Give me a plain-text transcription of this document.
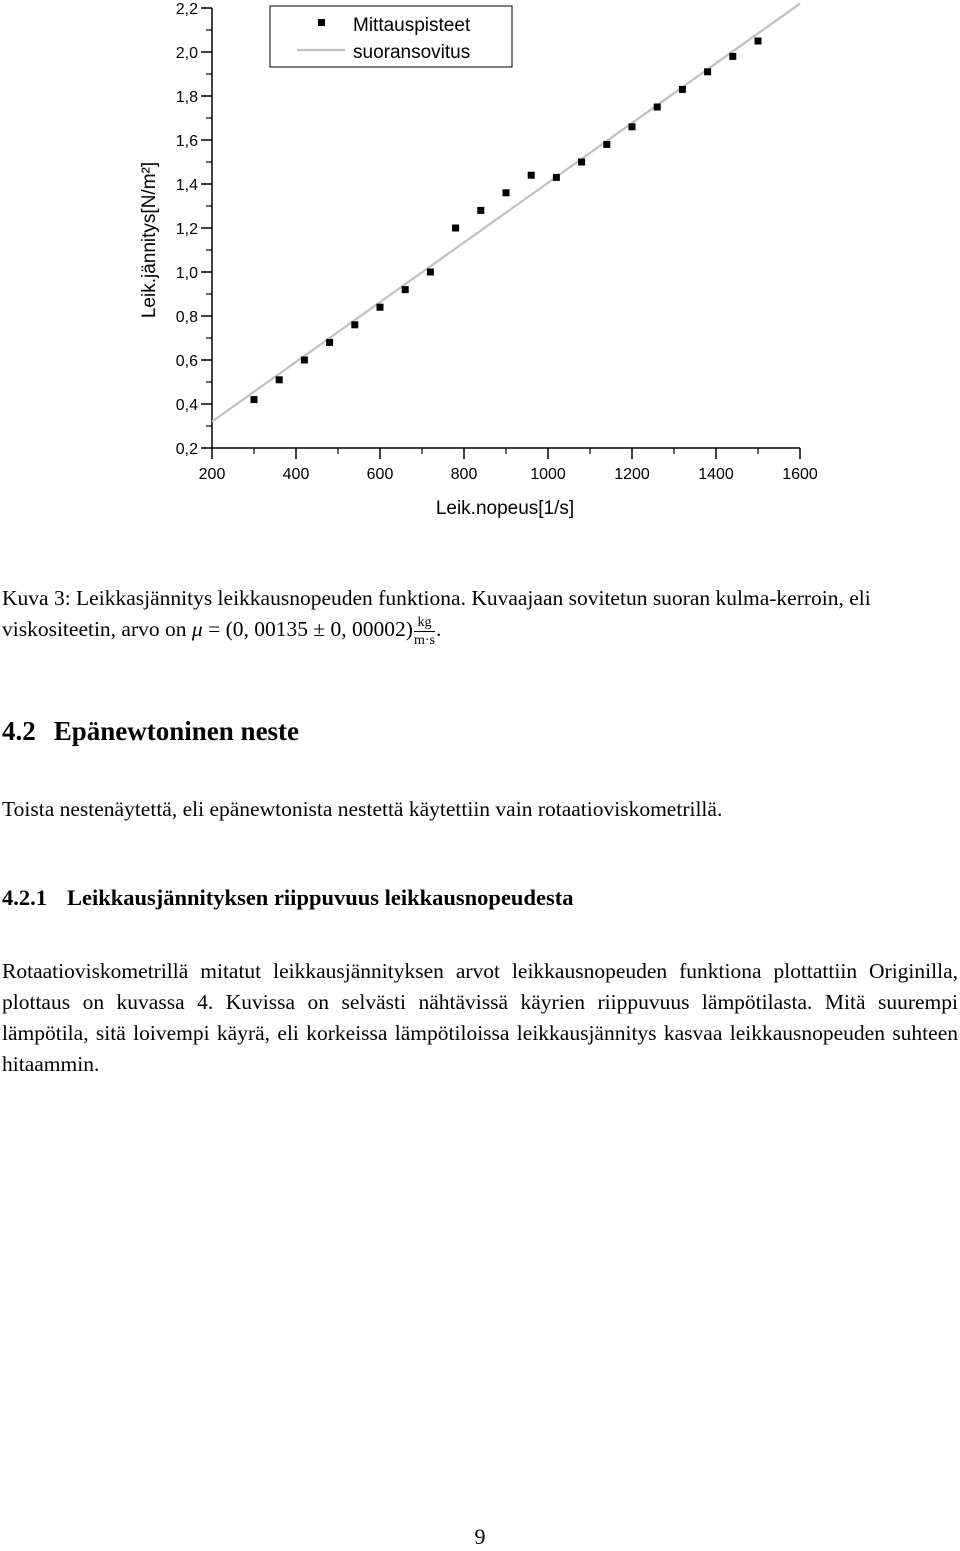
200	400	600	800	1000	1200	1400	1600
0,2
0,4
0,6
0,8
1,0
1,2
1,4
1,6
1,8
2,0
2,2
Mittauspisteet
suoransovitus
Leik.nopeus[1/s]
Leik.jännitys[N/m²]
Kuva 3: Leikkasjännitys leikkausnopeuden funktiona. Kuvaajaan sovitetun suoran kulma-kerroin, eli viskositeetin, arvo on μ = (0, 00135 ± 0, $00002) \frac{kg}{m\cdot s}$ .
4.2 Epänewtoninen neste
Toista nestenäytettä, eli epänewtonista nestettä käytettiin vain rotaatioviskometrillä.
4.2.1 Leikkausjännityksen riippuvuus leikkausnopeudesta
Rotaatioviskometrillä mitatut leikkausjännityksen arvot leikkausnopeuden funktiona plottattiin Originilla, plottaus on kuvassa 4. Kuvissa on selvästi nähtävissä käyrien riippuvuus lämpötilasta. Mitä suurempi lämpötila, sitä loivempi käyrä, eli korkeissa lämpötiloissa leikkausjännitys kasvaa leikkausnopeuden suhteen hitaammin.
9
